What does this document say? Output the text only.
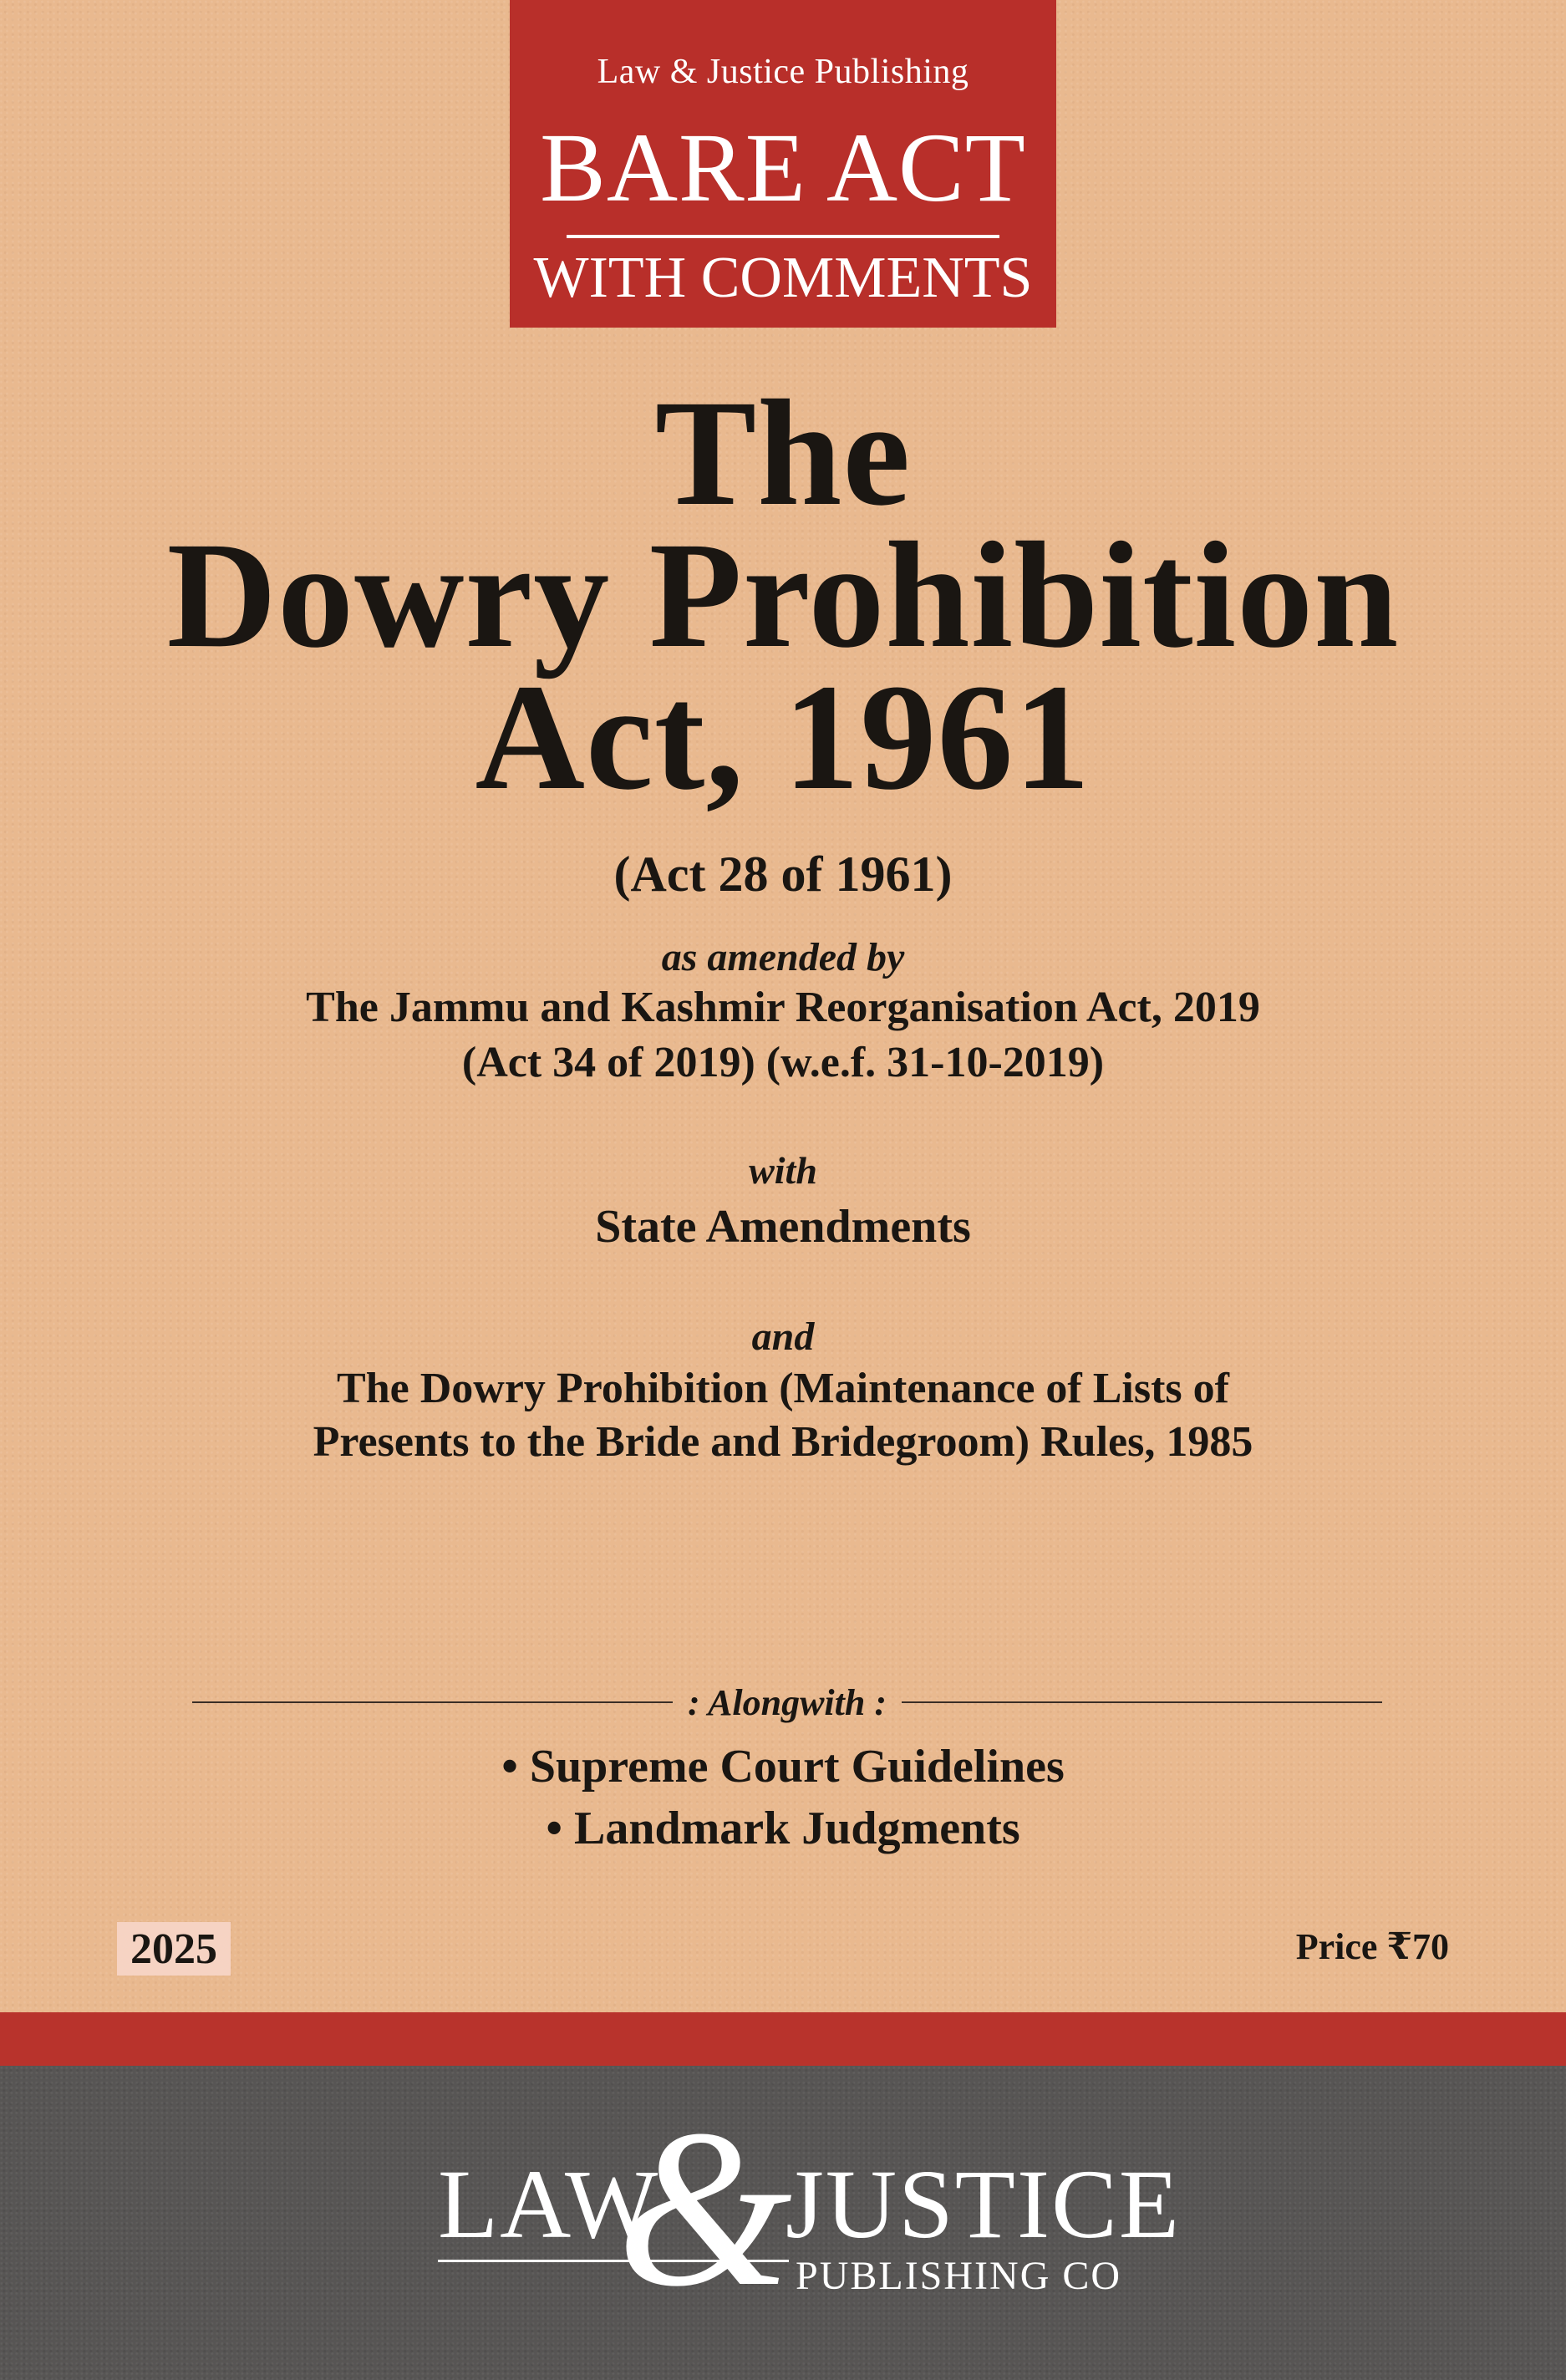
Law & Justice Publishing
BARE ACT
WITH COMMENTS
The
Dowry Prohibition
Act, 1961
(Act 28 of 1961)
as amended by
The Jammu and Kashmir Reorganisation Act, 2019
(Act 34 of 2019) (w.e.f. 31-10-2019)
with
State Amendments
and
The Dowry Prohibition (Maintenance of Lists of
Presents to the Bride and Bridegroom) Rules, 1985
: Alongwith :
• Supreme Court Guidelines
• Landmark Judgments
2025	Price ₹70
LAW JUSTICE
& PUBLISHING CO
